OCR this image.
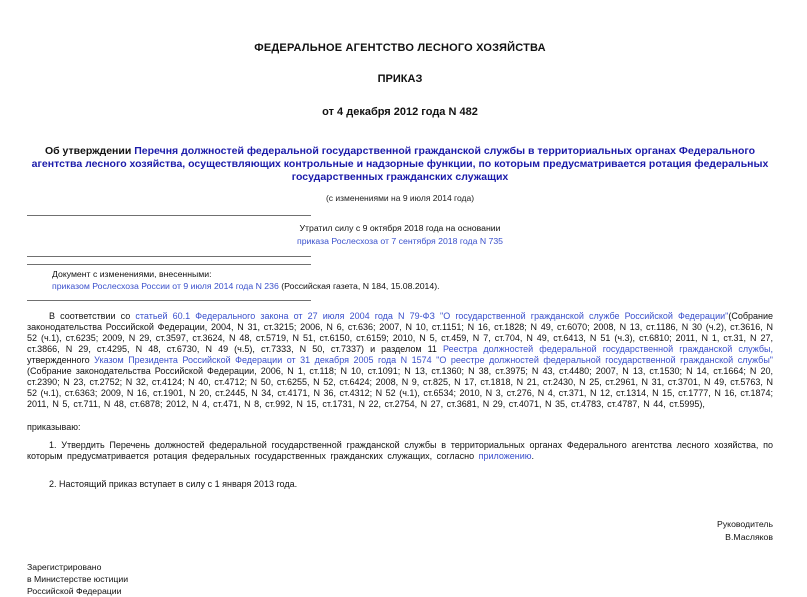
ФЕДЕРАЛЬНОЕ АГЕНТСТВО ЛЕСНОГО ХОЗЯЙСТВА
ПРИКАЗ
от 4 декабря 2012 года N 482

Об утверждении Перечня должностей федеральной государственной гражданской службы в территориальных органах Федерального агентства лесного хозяйства, осуществляющих контрольные и надзорные функции, по которым предусматривается ротация федеральных государственных гражданских служащих

(с изменениями на 9 июля 2014 года)
Утратил силу с 9 октября 2018 года на основании
приказа Рослесхоза от 7 сентября 2018 года N 735
Документ с изменениями, внесенными:
приказом Рослесхоза России от 9 июля 2014 года N 236 (Российская газета, N 184, 15.08.2014).

В соответствии со статьей 60.1 Федерального закона от 27 июля 2004 года N 79-ФЗ "О государственной гражданской службе Российской Федерации"(Собрание законодательства Российской Федерации, 2004, N 31, ст.3215; 2006, N 6, ст.636; 2007, N 10, ст.1151; N 16, ст.1828; N 49, ст.6070; 2008, N 13, ст.1186, N 30 (ч.2), ст.3616, N 52 (ч.1), ст.6235; 2009, N 29, ст.3597, ст.3624, N 48, ст.5719, N 51, ст.6150, ст.6159; 2010, N 5, ст.459, N 7, ст.704, N 49, ст.6413, N 51 (ч.3), ст.6810; 2011, N 1, ст.31, N 27, ст.3866, N 29, ст.4295, N 48, ст.6730, N 49 (ч.5), ст.7333, N 50, ст.7337) и разделом 11 Реестра должностей федеральной государственной гражданской службы, утвержденного Указом Президента Российской Федерации от 31 декабря 2005 года N 1574 "О реестре должностей федеральной государственной гражданской службы" (Собрание законодательства Российской Федерации, 2006, N 1, ст.118; N 10, ст.1091; N 13, ст.1360; N 38, ст.3975; N 43, ст.4480; 2007, N 13, ст.1530; N 14, ст.1664; N 20, ст.2390; N 23, ст.2752; N 32, ст.4124; N 40, ст.4712; N 50, ст.6255, N 52, ст.6424; 2008, N 9, ст.825, N 17, ст.1818, N 21, ст.2430, N 25, ст.2961, N 31, ст.3701, N 49, ст.5763, N 52 (ч.1), ст.6363; 2009, N 16, ст.1901, N 20, ст.2445, N 34, ст.4171, N 36, ст.4312; N 52 (ч.1), ст.6534; 2010, N 3, ст.276, N 4, ст.371, N 12, ст.1314, N 15, ст.1777, N 16, ст.1874; 2011, N 5, ст.711, N 48, ст.6878; 2012, N 4, ст.471, N 8, ст.992, N 15, ст.1731, N 22, ст.2754, N 27, ст.3681, N 29, ст.4071, N 35, ст.4783, ст.4787, N 44, ст.5995),

приказываю:

1. Утвердить Перечень должностей федеральной государственной гражданской службы в территориальных органах Федерального агентства лесного хозяйства, по которым предусматривается ротация федеральных государственных гражданских служащих, согласно приложению.

2. Настоящий приказ вступает в силу с 1 января 2013 года.

Руководитель
В.Масляков
Зарегистрировано
в Министерстве юстиции
Российской Федерации
